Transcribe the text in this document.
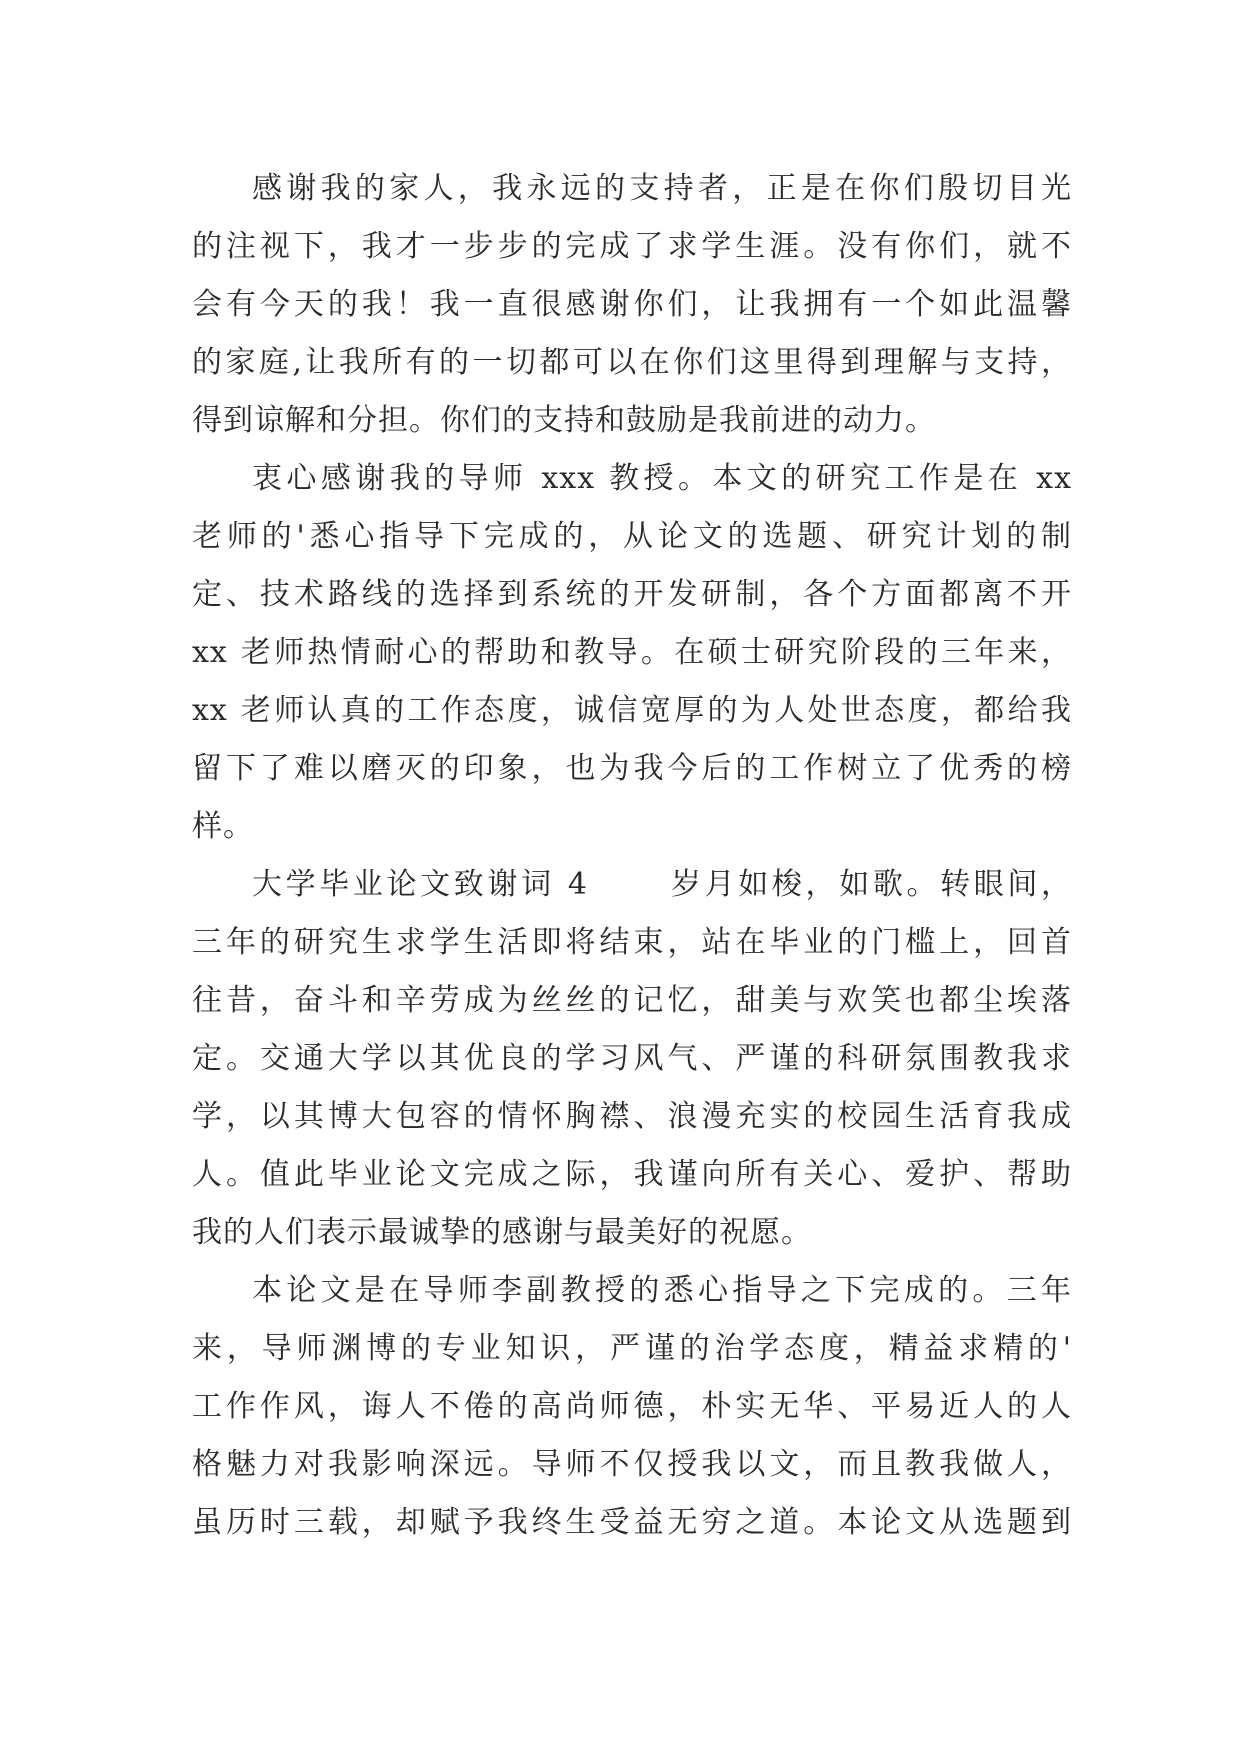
感谢我的家人，我永远的支持者，正是在你们殷切目光
的注视下，我才一步步的完成了求学生涯。没有你们，就不
会有今天的我！我一直很感谢你们，让我拥有一个如此温馨
的家庭,让我所有的一切都可以在你们这里得到理解与支持，
得到谅解和分担。你们的支持和鼓励是我前进的动力。
衷心感谢我的导师 xxx 教授。本文的研究工作是在 xx
老师的'悉心指导下完成的，从论文的选题、研究计划的制
定、技术路线的选择到系统的开发研制，各个方面都离不开
xx 老师热情耐心的帮助和教导。在硕士研究阶段的三年来，
xx 老师认真的工作态度，诚信宽厚的为人处世态度，都给我
留下了难以磨灭的印象，也为我今后的工作树立了优秀的榜
样。
大学毕业论文致谢词 4　　 岁月如梭，如歌。转眼间，
三年的研究生求学生活即将结束，站在毕业的门槛上，回首
往昔，奋斗和辛劳成为丝丝的记忆，甜美与欢笑也都尘埃落
定。交通大学以其优良的学习风气、严谨的科研氛围教我求
学，以其博大包容的情怀胸襟、浪漫充实的校园生活育我成
人。值此毕业论文完成之际，我谨向所有关心、爱护、帮助
我的人们表示最诚挚的感谢与最美好的祝愿。
本论文是在导师李副教授的悉心指导之下完成的。三年
来，导师渊博的专业知识，严谨的治学态度，精益求精的'
工作作风，诲人不倦的高尚师德，朴实无华、平易近人的人
格魅力对我影响深远。导师不仅授我以文，而且教我做人，
虽历时三载，却赋予我终生受益无穷之道。本论文从选题到
